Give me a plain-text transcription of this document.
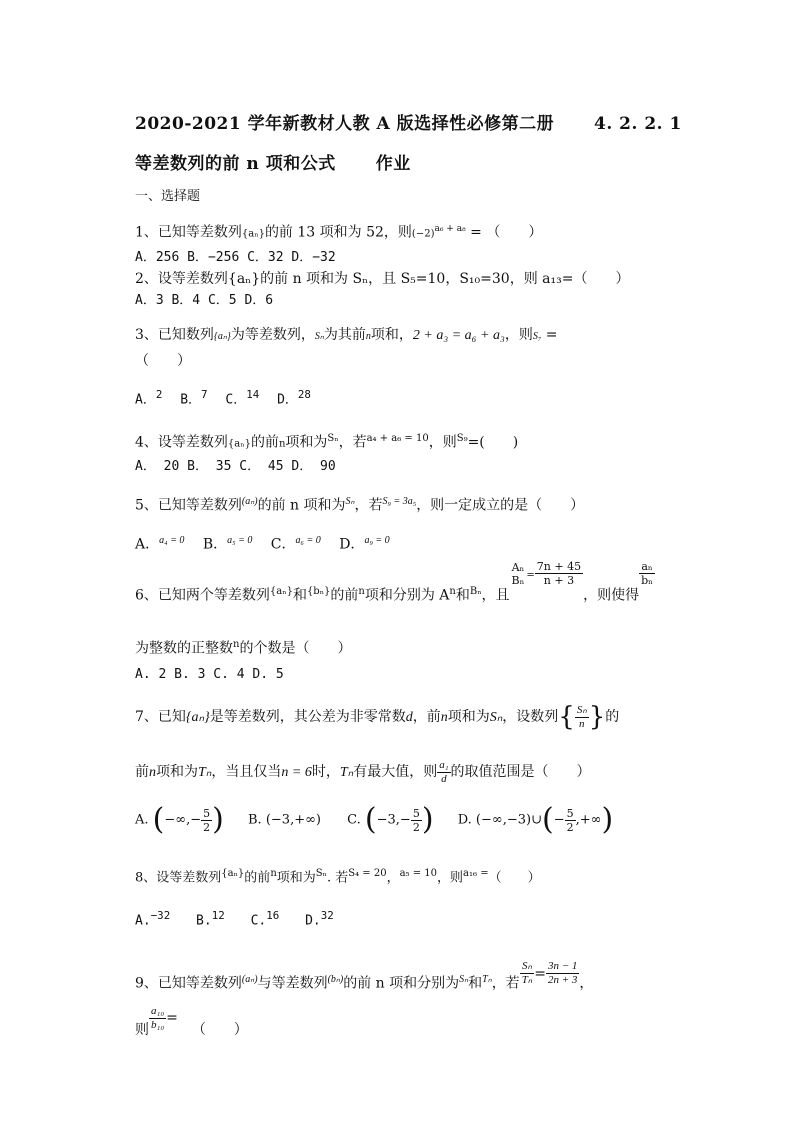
2020-2021 学年新教材人教 A 版选择性必修第二册 4. 2. 2. 1
等差数列的前 n 项和公式 作业
一、选择题
1、已知等差数列{aₙ}的前 13 项和为 52，则$(-2)^{a_6 + a_8}$ = （　　）
A．256 B．−256 C．32 D．−32
2、设等差数列{aₙ}的前 n 项和为 Sₙ，且 S₅=10，S₁₀=30，则 a₁₃=（　　）
A．3 B．4 C．5 D．6
3、已知数列{aₙ}为等差数列，Sₙ为其前n项和，2 + a₃ = a₆ + a₃，则S₇ =
（　　）
A．$^2$ B．$^7$ C．$^{14}$ D．$^{28}$
4、设等差数列{aₙ}的前n项和为$^{S_n}$，若$^{a_4 + a_6 = 10}$，则$^{S_9}$=(　　)
A． 20 B． 35 C． 45 D． 90
5、已知等差数列$^{(a_n)}$的前 n 项和为$^{S_n}$，若$^{S_9 = 3a_5}$，则一定成立的是（　　）
A．$^{a_4 = 0}$ B．$^{a_5 = 0}$ C．$^{a_6 = 0}$ D．$^{a_9 = 0}$
6、已知两个等差数列$^{\{a_n\}}$和$^{\{b_n\}}$的前$^n$项和分别为 $A^n$和$^{B_n}$，且
Aₙ
Bₙ $^= \frac{7n + 45}{n + 3}$
，则使得
$\frac{\text{aₙ}}{\text{bₙ}}$
为整数的正整数$^n$的个数是（　　）
A. 2 B. 3 C. 4 D. 5
7、已知{aₙ}是等差数列，其公差为非零常数d，前n项和为Sₙ，设数列{ $\frac{\text{Sₙ}}{n}$ }的
前n项和为Tₙ，当且仅当n = 6时，Tₙ有最大值，则 $\frac{\text{a₁}}{d}$ 的取值范围是（　　）
A. (−∞,− $\frac{5}{2}$ ) B. (−3,+∞) C. ($-3,- \frac{5}{2}$ ) D. (−∞,−3)∪(− $\frac{5}{2}$ ,+∞)
8、设等差数列$^{\{a_n\}}$的前$^n$项和为$^{S_n}$. 若$^{S_4 = 20}$，$^{a_5 = 10}$，则$^{a_{16} =}$（　　）
A.$^{-32}$ B.$^{12}$ C.$^{16}$ D.$^{32}$
9、已知等差数列$^{(a_n)}$与等差数列$^{(b_n)}$的前 n 项和分别为$^{S_n}$和$^{T_n}$，若 $\frac{\text{Sₙ}}{\text{Tₙ}} = \frac{3n - 1}{2n + 3}$ ，
则 $\frac{\text{a₁₀}}{\text{b₁₀}}$ =（　　）
